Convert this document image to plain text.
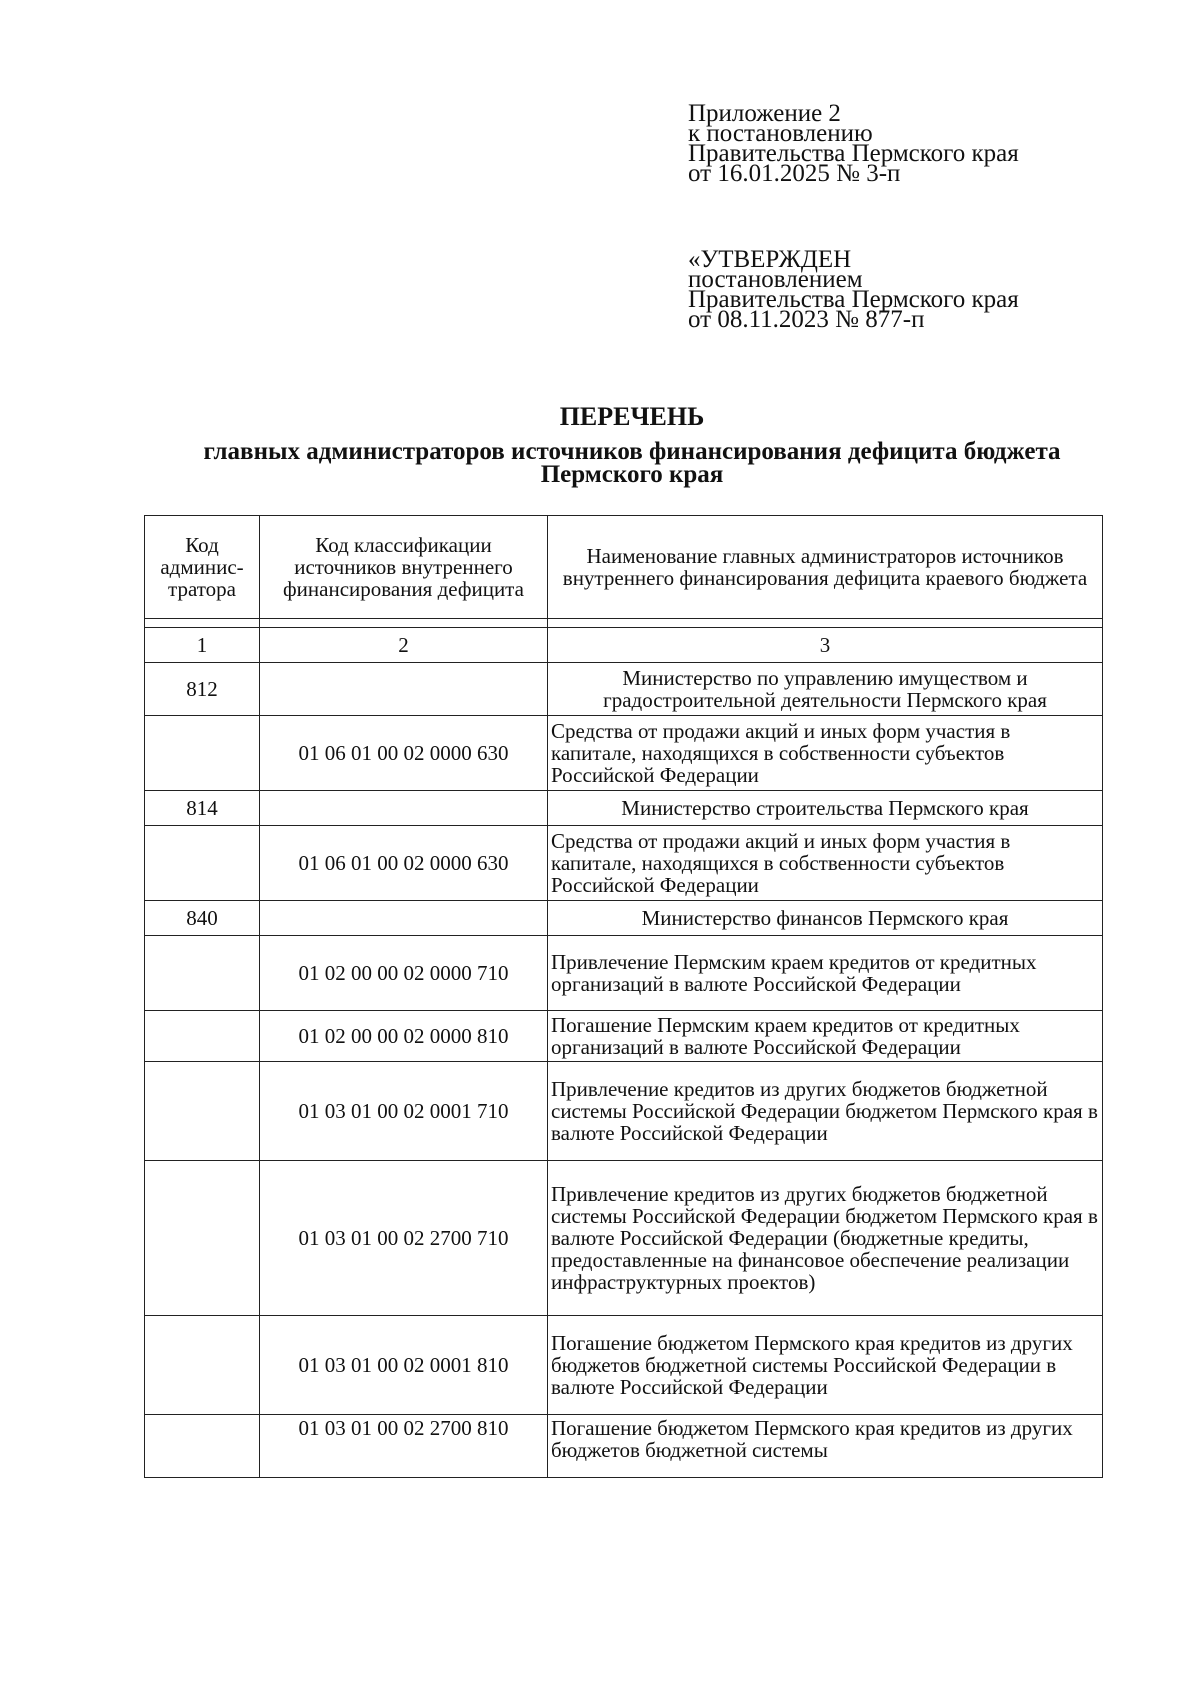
Приложение 2
к постановлению
Правительства Пермского края
от 16.01.2025 № 3-п
«УТВЕРЖДЕН
постановлением
Правительства Пермского края
от 08.11.2023 № 877-п
ПЕРЕЧЕНЬ
главных администраторов источников финансирования дефицита бюджета Пермского края
Код админис-тратора	Код классификации источников внутреннего финансирования дефицита	Наименование главных администраторов источников внутреннего финансирования дефицита краевого бюджета

1	2	3
812		Министерство по управлению имуществом и градостроительной деятельности Пермского края
	01 06 01 00 02 0000 630	Средства от продажи акций и иных форм участия в капитале, находящихся в собственности субъектов Российской Федерации
814		Министерство строительства Пермского края
	01 06 01 00 02 0000 630	Средства от продажи акций и иных форм участия в капитале, находящихся в собственности субъектов Российской Федерации
840		Министерство финансов Пермского края
	01 02 00 00 02 0000 710	Привлечение Пермским краем кредитов от кредитных организаций в валюте Российской Федерации
	01 02 00 00 02 0000 810	Погашение Пермским краем кредитов от кредитных организаций в валюте Российской Федерации
	01 03 01 00 02 0001 710	Привлечение кредитов из других бюджетов бюджетной системы Российской Федерации бюджетом Пермского края в валюте Российской Федерации
	01 03 01 00 02 2700 710	Привлечение кредитов из других бюджетов бюджетной системы Российской Федерации бюджетом Пермского края в валюте Российской Федерации (бюджетные кредиты, предоставленные на финансовое обеспечение реализации инфраструктурных проектов)
	01 03 01 00 02 0001 810	Погашение бюджетом Пермского края кредитов из других бюджетов бюджетной системы Российской Федерации в валюте Российской Федерации
	01 03 01 00 02 2700 810	Погашение бюджетом Пермского края кредитов из других бюджетов бюджетной системы
